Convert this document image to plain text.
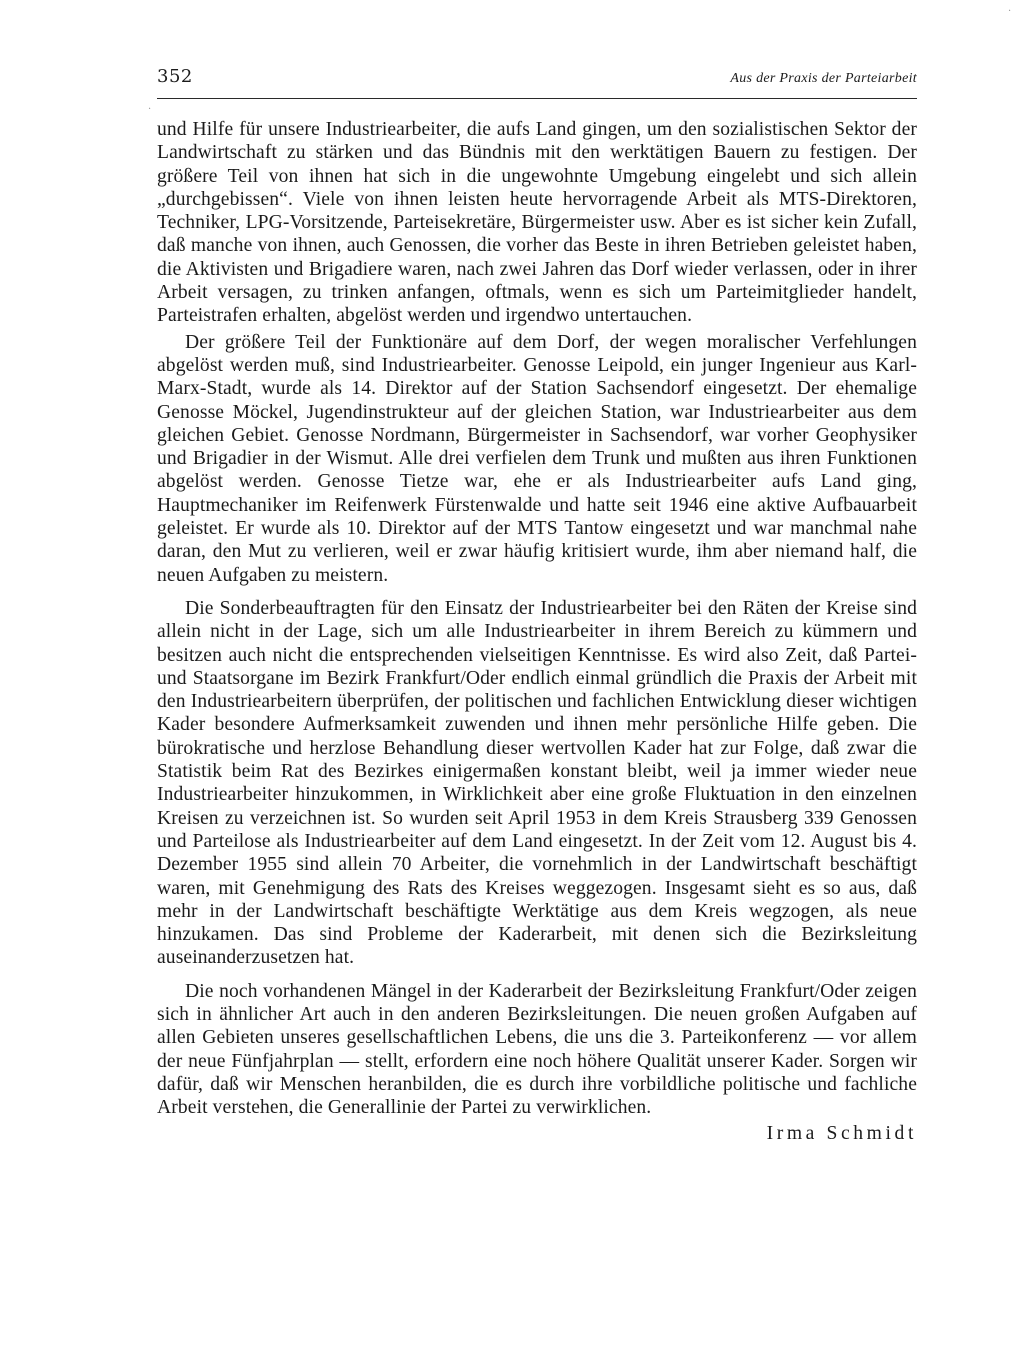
·
·
352	Aus der Praxis der Parteiarbeit

und Hilfe für unsere Industriearbeiter, die aufs Land gingen, um den sozialistischen Sektor der Landwirtschaft zu stärken und das Bündnis mit den werktätigen Bauern zu festigen. Der größere Teil von ihnen hat sich in die ungewohnte Umgebung eingelebt und sich allein „durchgebissen“. Viele von ihnen leisten heute hervorragende Arbeit als MTS-Direktoren, Techniker, LPG-Vorsitzende, Parteisekretäre, Bürgermeister usw. Aber es ist sicher kein Zufall, daß manche von ihnen, auch Genossen, die vorher das Beste in ihren Betrieben geleistet haben, die Aktivisten und Brigadiere waren, nach zwei Jahren das Dorf wieder verlassen, oder in ihrer Arbeit versagen, zu trinken anfangen, oftmals, wenn es sich um Parteimitglieder handelt, Parteistrafen erhalten, abgelöst werden und irgendwo untertauchen.

Der größere Teil der Funktionäre auf dem Dorf, der wegen moralischer Verfehlungen abgelöst werden muß, sind Industriearbeiter. Genosse Leipold, ein junger Ingenieur aus Karl-Marx-Stadt, wurde als 14. Direktor auf der Station Sachsendorf eingesetzt. Der ehemalige Genosse Möckel, Jugendinstrukteur auf der gleichen Station, war Industriearbeiter aus dem gleichen Gebiet. Genosse Nordmann, Bürgermeister in Sachsendorf, war vorher Geophysiker und Brigadier in der Wismut. Alle drei verfielen dem Trunk und mußten aus ihren Funktionen abgelöst werden. Genosse Tietze war, ehe er als Industriearbeiter aufs Land ging, Hauptmechaniker im Reifenwerk Fürstenwalde und hatte seit 1946 eine aktive Aufbauarbeit geleistet. Er wurde als 10. Direktor auf der MTS Tantow eingesetzt und war manchmal nahe daran, den Mut zu verlieren, weil er zwar häufig kritisiert wurde, ihm aber niemand half, die neuen Aufgaben zu meistern.

Die Sonderbeauftragten für den Einsatz der Industriearbeiter bei den Räten der Kreise sind allein nicht in der Lage, sich um alle Industriearbeiter in ihrem Bereich zu kümmern und besitzen auch nicht die entsprechenden vielseitigen Kenntnisse. Es wird also Zeit, daß Partei- und Staatsorgane im Bezirk Frankfurt/Oder endlich einmal gründlich die Praxis der Arbeit mit den Industriearbeitern überprüfen, der politischen und fachlichen Entwicklung dieser wichtigen Kader besondere Aufmerksamkeit zuwenden und ihnen mehr persönliche Hilfe geben. Die bürokratische und herzlose Behandlung dieser wertvollen Kader hat zur Folge, daß zwar die Statistik beim Rat des Bezirkes einigermaßen konstant bleibt, weil ja immer wieder neue Industriearbeiter hinzukommen, in Wirklichkeit aber eine große Fluktuation in den einzelnen Kreisen zu verzeichnen ist. So wurden seit April 1953 in dem Kreis Strausberg 339 Genossen und Parteilose als Industriearbeiter auf dem Land eingesetzt. In der Zeit vom 12. August bis 4. Dezember 1955 sind allein 70 Arbeiter, die vornehmlich in der Landwirtschaft beschäftigt waren, mit Genehmigung des Rats des Kreises weggezogen. Insgesamt sieht es so aus, daß mehr in der Landwirtschaft beschäftigte Werktätige aus dem Kreis wegzogen, als neue hinzukamen. Das sind Probleme der Kaderarbeit, mit denen sich die Bezirksleitung auseinanderzusetzen hat.

Die noch vorhandenen Mängel in der Kaderarbeit der Bezirksleitung Frankfurt/Oder zeigen sich in ähnlicher Art auch in den anderen Bezirksleitungen. Die neuen großen Aufgaben auf allen Gebieten unseres gesellschaftlichen Lebens, die uns die 3. Parteikonferenz — vor allem der neue Fünfjahrplan — stellt, erfordern eine noch höhere Qualität unserer Kader. Sorgen wir dafür, daß wir Menschen heranbilden, die es durch ihre vorbildliche politische und fachliche Arbeit verstehen, die Generallinie der Partei zu verwirklichen.

Irma Schmidt
